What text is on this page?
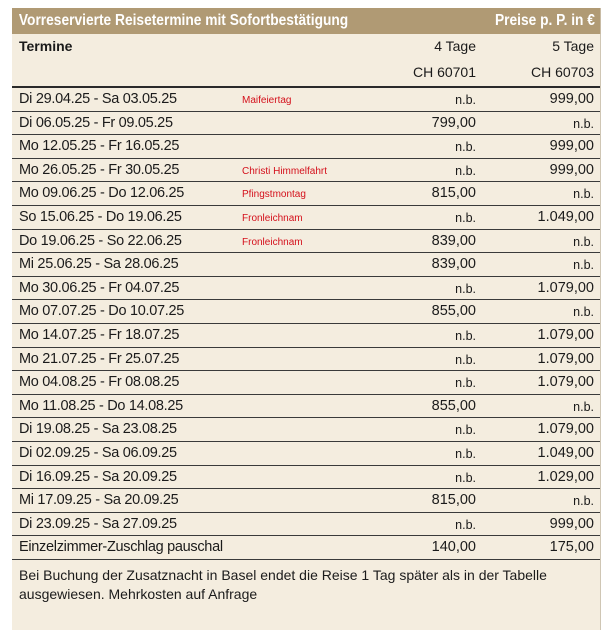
Vorreservierte Reisetermine mit Sofortbestätigung	Preise p. P. in €
Termine	4 Tage	5 Tage
CH 60701	CH 60703
Di 29.04.25 - Sa 03.05.25	Maifeiertag	n.b.	999,00
Di 06.05.25 - Fr 09.05.25	799,00	n.b.
Mo 12.05.25 - Fr 16.05.25	n.b.	999,00
Mo 26.05.25 - Fr 30.05.25	Christi Himmelfahrt	n.b.	999,00
Mo 09.06.25 - Do 12.06.25	Pfingstmontag	815,00	n.b.
So 15.06.25 - Do 19.06.25	Fronleichnam	n.b.	1.049,00
Do 19.06.25 - So 22.06.25	Fronleichnam	839,00	n.b.
Mi 25.06.25 - Sa 28.06.25	839,00	n.b.
Mo 30.06.25 - Fr 04.07.25	n.b.	1.079,00
Mo 07.07.25 - Do 10.07.25	855,00	n.b.
Mo 14.07.25 - Fr 18.07.25	n.b.	1.079,00
Mo 21.07.25 - Fr 25.07.25	n.b.	1.079,00
Mo 04.08.25 - Fr 08.08.25	n.b.	1.079,00
Mo 11.08.25 - Do 14.08.25	855,00	n.b.
Di 19.08.25 - Sa 23.08.25	n.b.	1.079,00
Di 02.09.25 - Sa 06.09.25	n.b.	1.049,00
Di 16.09.25 - Sa 20.09.25	n.b.	1.029,00
Mi 17.09.25 - Sa 20.09.25	815,00	n.b.
Di 23.09.25 - Sa 27.09.25	n.b.	999,00
Einzelzimmer-Zuschlag pauschal	140,00	175,00
Bei Buchung der Zusatznacht in Basel endet die Reise 1 Tag später als in der Tabelle ausgewiesen. Mehrkosten auf Anfrage
